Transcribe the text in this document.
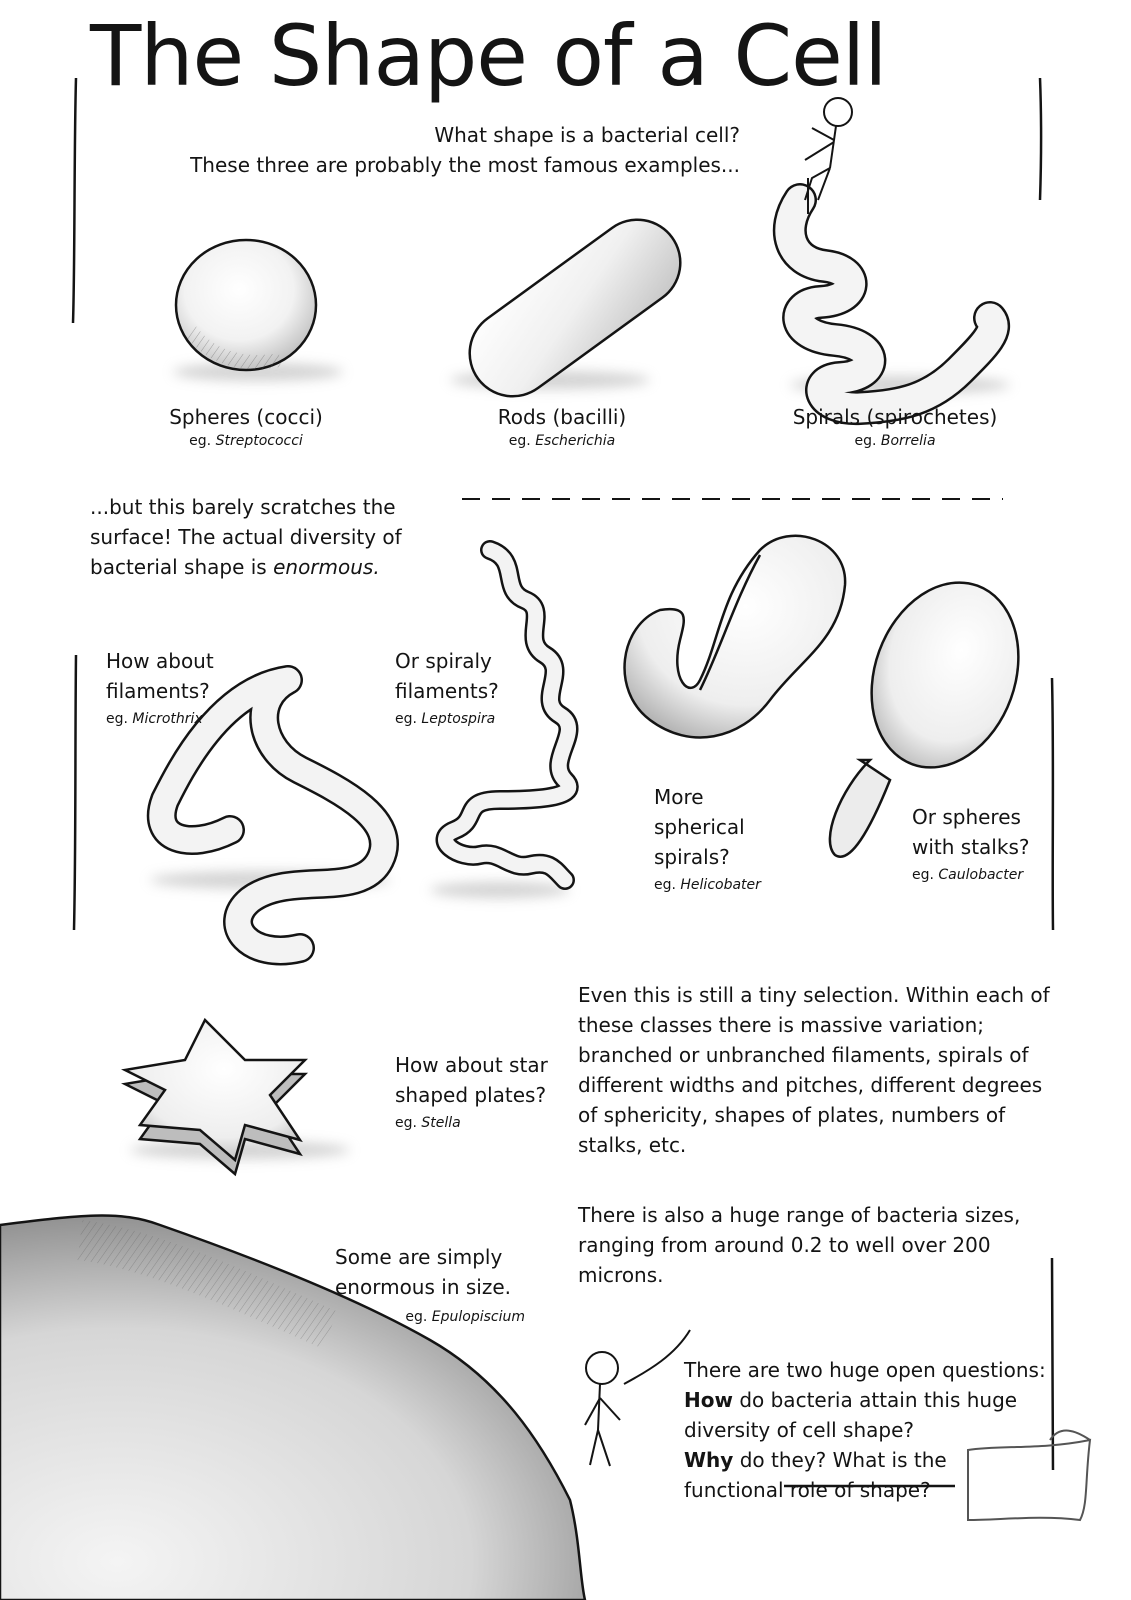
The Shape of a Cell
What shape is a bacterial cell?
These three are probably the most famous examples...
Spheres (cocci)
eg. Streptococci
Rods (bacilli)
eg. Escherichia
Spirals (spirochetes)
eg. Borrelia
...but this barely scratches the
surface! The actual diversity of
bacterial shape is enormous.
How about
filaments?
eg. Microthrix
Or spiraly
filaments?
eg. Leptospira
More
spherical
spirals?
eg. Helicobater
Or spheres
with stalks?
eg. Caulobacter
How about star
shaped plates?
eg. Stella
Even this is still a tiny selection. Within each of
these classes there is massive variation;
branched or unbranched filaments, spirals of
different widths and pitches, different degrees
of sphericity, shapes of plates, numbers of
stalks, etc.
There is also a huge range of bacteria sizes,
ranging from around 0.2 to well over 200
microns.
Some are simply
enormous in size.
eg. Epulopiscium
There are two huge open questions:
How do bacteria attain this huge
diversity of cell shape?
Why do they? What is the
functional role of shape?
